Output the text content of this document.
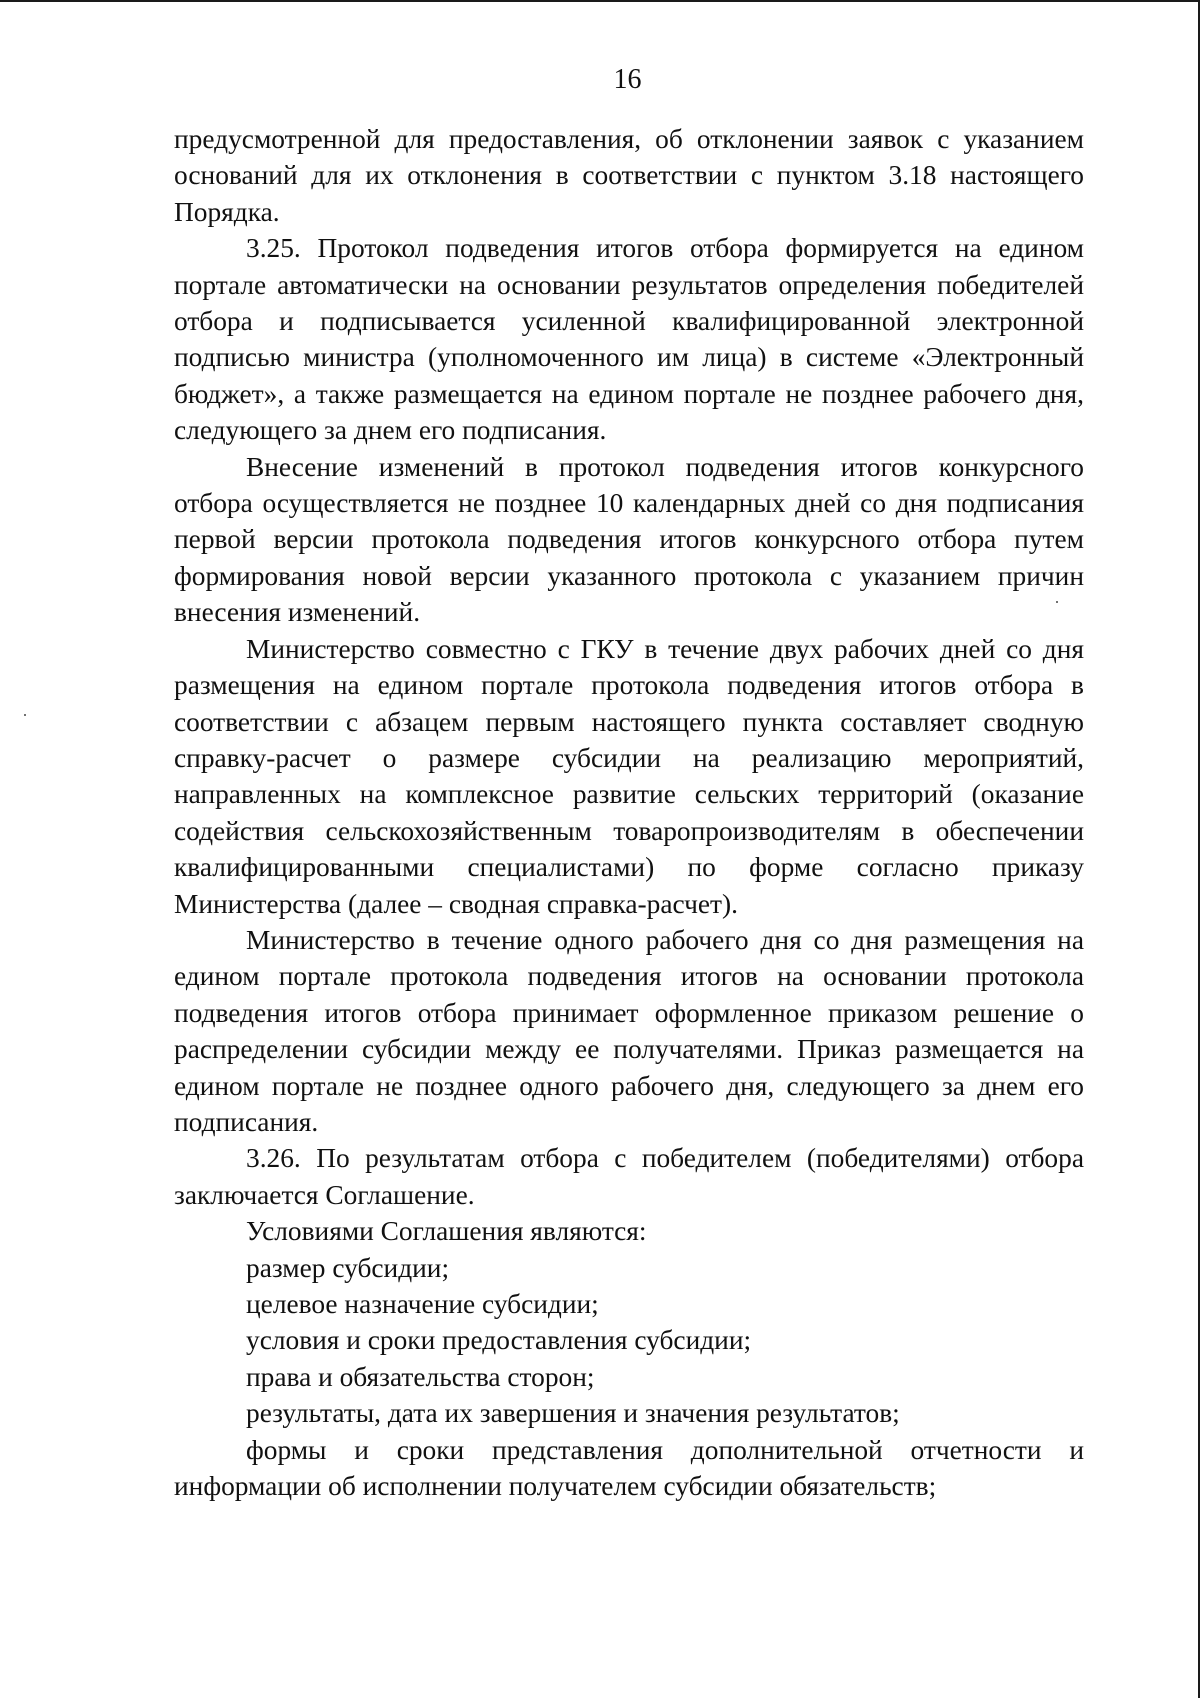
16

предусмотренной для предоставления, об отклонении заявок с указанием оснований для их отклонения в соответствии с пунктом 3.18 настоящего Порядка.

3.25. Протокол подведения итогов отбора формируется на едином портале автоматически на основании результатов определения победителей отбора и подписывается усиленной квалифицированной электронной подписью министра (уполномоченного им лица) в системе «Электронный бюджет», а также размещается на едином портале не позднее рабочего дня, следующего за днем его подписания.

Внесение изменений в протокол подведения итогов конкурсного отбора осуществляется не позднее 10 календарных дней со дня подписания первой версии протокола подведения итогов конкурсного отбора путем формирования новой версии указанного протокола с указанием причин внесения изменений.

Министерство совместно с ГКУ в течение двух рабочих дней со дня размещения на едином портале протокола подведения итогов отбора в соответствии с абзацем первым настоящего пункта составляет сводную справку-расчет о размере субсидии на реализацию мероприятий, направленных на комплексное развитие сельских территорий (оказание содействия сельскохозяйственным товаропроизводителям в обеспечении квалифицированными специалистами) по форме согласно приказу Министерства (далее – сводная справка-расчет).

Министерство в течение одного рабочего дня со дня размещения на едином портале протокола подведения итогов на основании протокола подведения итогов отбора принимает оформленное приказом решение о распределении субсидии между ее получателями. Приказ размещается на едином портале не позднее одного рабочего дня, следующего за днем его подписания.

3.26. По результатам отбора с победителем (победителями) отбора заключается Соглашение.

Условиями Соглашения являются:

размер субсидии;

целевое назначение субсидии;

условия и сроки предоставления субсидии;

права и обязательства сторон;

результаты, дата их завершения и значения результатов;

формы и сроки представления дополнительной отчетности и информации об исполнении получателем субсидии обязательств;
